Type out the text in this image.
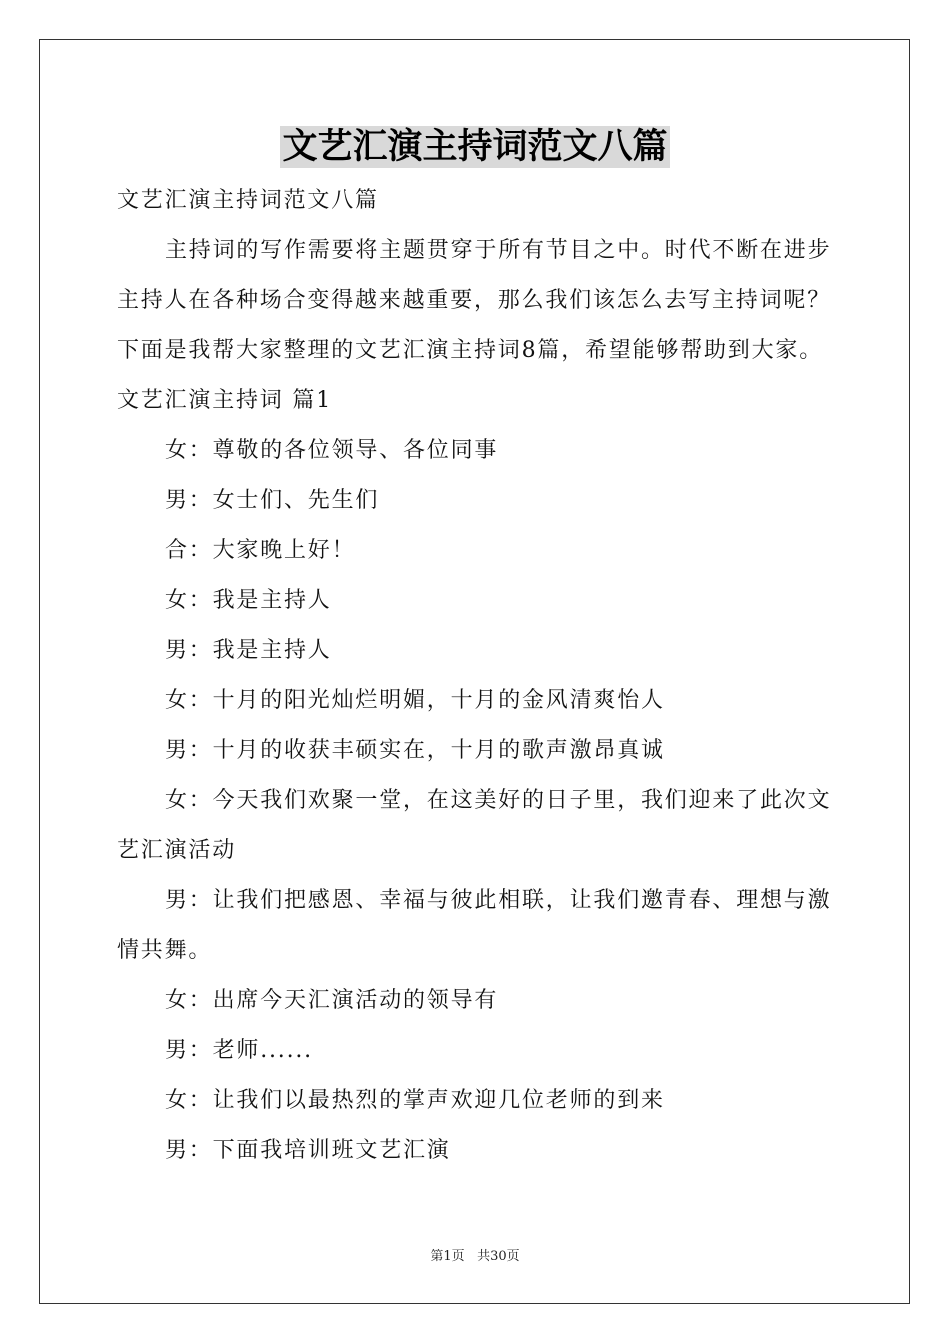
文艺汇演主持词范文八篇
文艺汇演主持词范文八篇
主持词的写作需要将主题贯穿于所有节目之中。时代不断在进步
主持人在各种场合变得越来越重要，那么我们该怎么去写主持词呢？
下面是我帮大家整理的文艺汇演主持词8篇，希望能够帮助到大家。
文艺汇演主持词 篇1
女：尊敬的各位领导、各位同事
男：女士们、先生们
合：大家晚上好！
女：我是主持人
男：我是主持人
女：十月的阳光灿烂明媚，十月的金风清爽怡人
男：十月的收获丰硕实在，十月的歌声激昂真诚
女：今天我们欢聚一堂，在这美好的日子里，我们迎来了此次文
艺汇演活动
男：让我们把感恩、幸福与彼此相联，让我们邀青春、理想与激
情共舞。
女：出席今天汇演活动的领导有
男：老师......
女：让我们以最热烈的掌声欢迎几位老师的到来
男：下面我培训班文艺汇演
第1页 共30页
